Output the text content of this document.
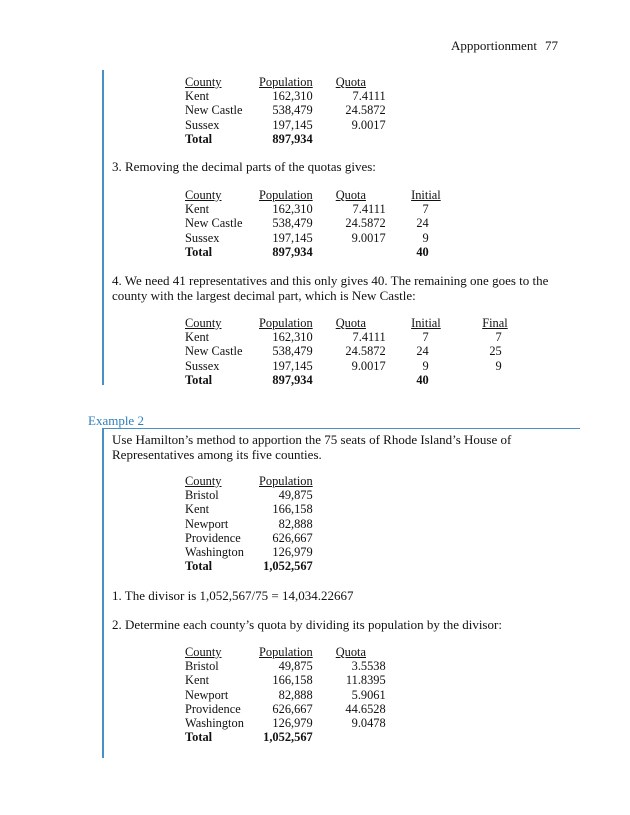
Appportionment 77
County	Population		Quota
Kent	162,310		7.4111
New Castle	538,479		24.5872
Sussex	197,145		9.0017
Total	897,934		
3. Removing the decimal parts of the quotas gives:
County	Population		Quota	Initial
Kent	162,310		7.4111	7
New Castle	538,479		24.5872	24
Sussex	197,145		9.0017	9
Total	897,934			40
4. We need 41 representatives and this only gives 40. The remaining one goes to the county with the largest decimal part, which is New Castle:
County	Population		Quota	Initial	Final
Kent	162,310		7.4111	7	7
New Castle	538,479		24.5872	24	25
Sussex	197,145		9.0017	9	9
Total	897,934			40	
Example 2
Use Hamilton’s method to apportion the 75 seats of Rhode Island’s House of Representatives among its five counties.
County	Population
Bristol	49,875
Kent	166,158
Newport	82,888
Providence	626,667
Washington	126,979
Total	1,052,567
1. The divisor is 1,052,567/75 = 14,034.22667
2. Determine each county’s quota by dividing its population by the divisor:
County	Population		Quota
Bristol	49,875		3.5538
Kent	166,158		11.8395
Newport	82,888		5.9061
Providence	626,667		44.6528
Washington	126,979		9.0478
Total	1,052,567		
